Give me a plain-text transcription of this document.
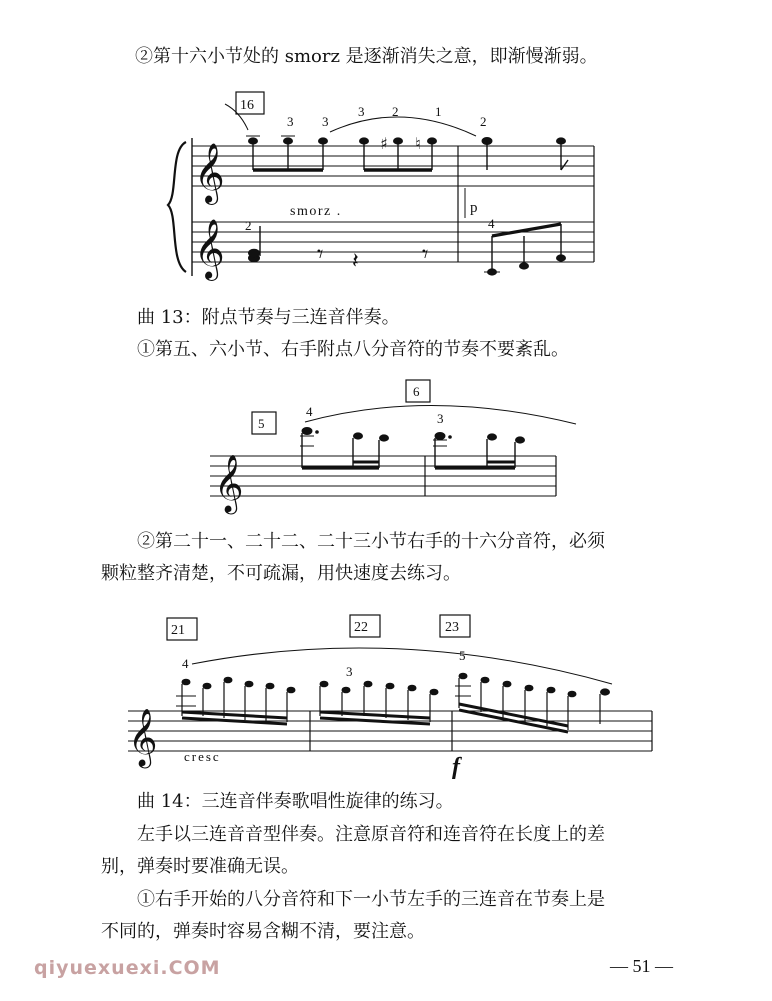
②第十六小节处的 smorz 是逐渐消失之意，即渐慢渐弱。

曲 13：附点节奏与三连音伴奏。

①第五、六小节、右手附点八分音符的节奏不要紊乱。

②第二十一、二十二、二十三小节右手的十六分音符，必须

颗粒整齐清楚，不可疏漏，用快速度去练习。

曲 14：三连音伴奏歌唱性旋律的练习。

左手以三连音音型伴奏。注意原音符和连音符在长度上的差

别，弹奏时要准确无误。

①右手开始的八分音符和下一小节左手的三连音在节奏上是

不同的，弹奏时容易含糊不清，要注意。

♯ ♮
𝄾 𝄽	𝄾
𝄞
𝄞
16
3 3
3 2	1
2
2	4
smorz .	p
𝄞
5
6
4	3
𝄞
21	22	23
4
3
5
cresc	f
qiyuexuexi.COM	— 51 —
